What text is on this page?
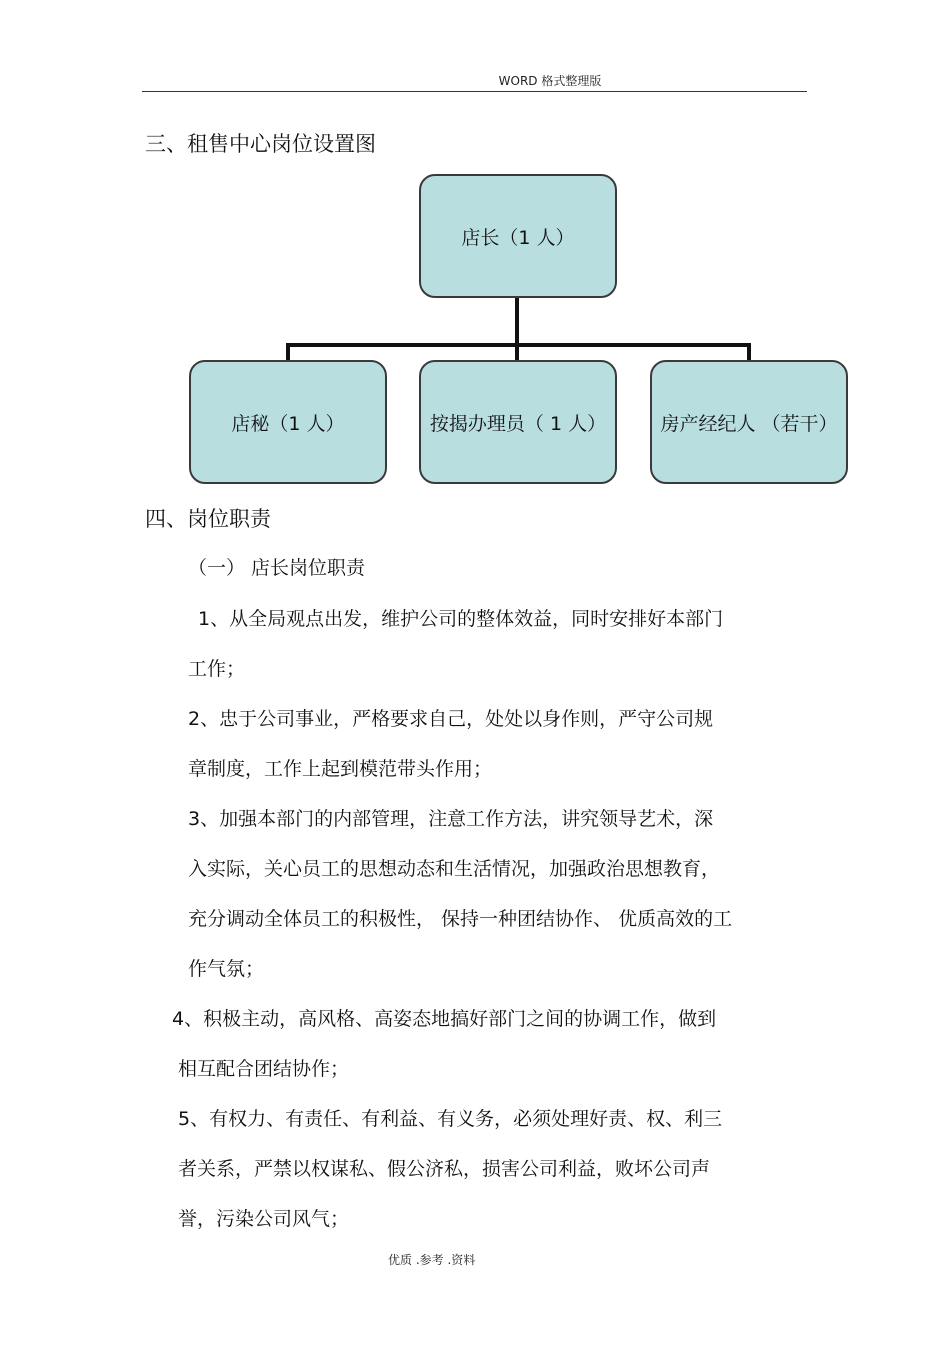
WORD 格式整理版
三、租售中心岗位设置图
店长（1 人）
店秘（1 人）	按揭办理员（ 1 人）	房产经纪人 （若干）
四、岗位职责
（一） 店长岗位职责
1、从全局观点出发，维护公司的整体效益，同时安排好本部门
工作；
2、忠于公司事业，严格要求自己，处处以身作则，严守公司规
章制度，工作上起到模范带头作用；
3、加强本部门的内部管理，注意工作方法，讲究领导艺术，深
入实际，关心员工的思想动态和生活情况，加强政治思想教育，
充分调动全体员工的积极性， 保持一种团结协作、 优质高效的工
作气氛；
4、积极主动，高风格、高姿态地搞好部门之间的协调工作，做到
相互配合团结协作；
5、有权力、有责任、有利益、有义务，必须处理好责、权、利三
者关系，严禁以权谋私、假公济私，损害公司利益，败坏公司声
誉，污染公司风气；
优质 .参考 .资料
